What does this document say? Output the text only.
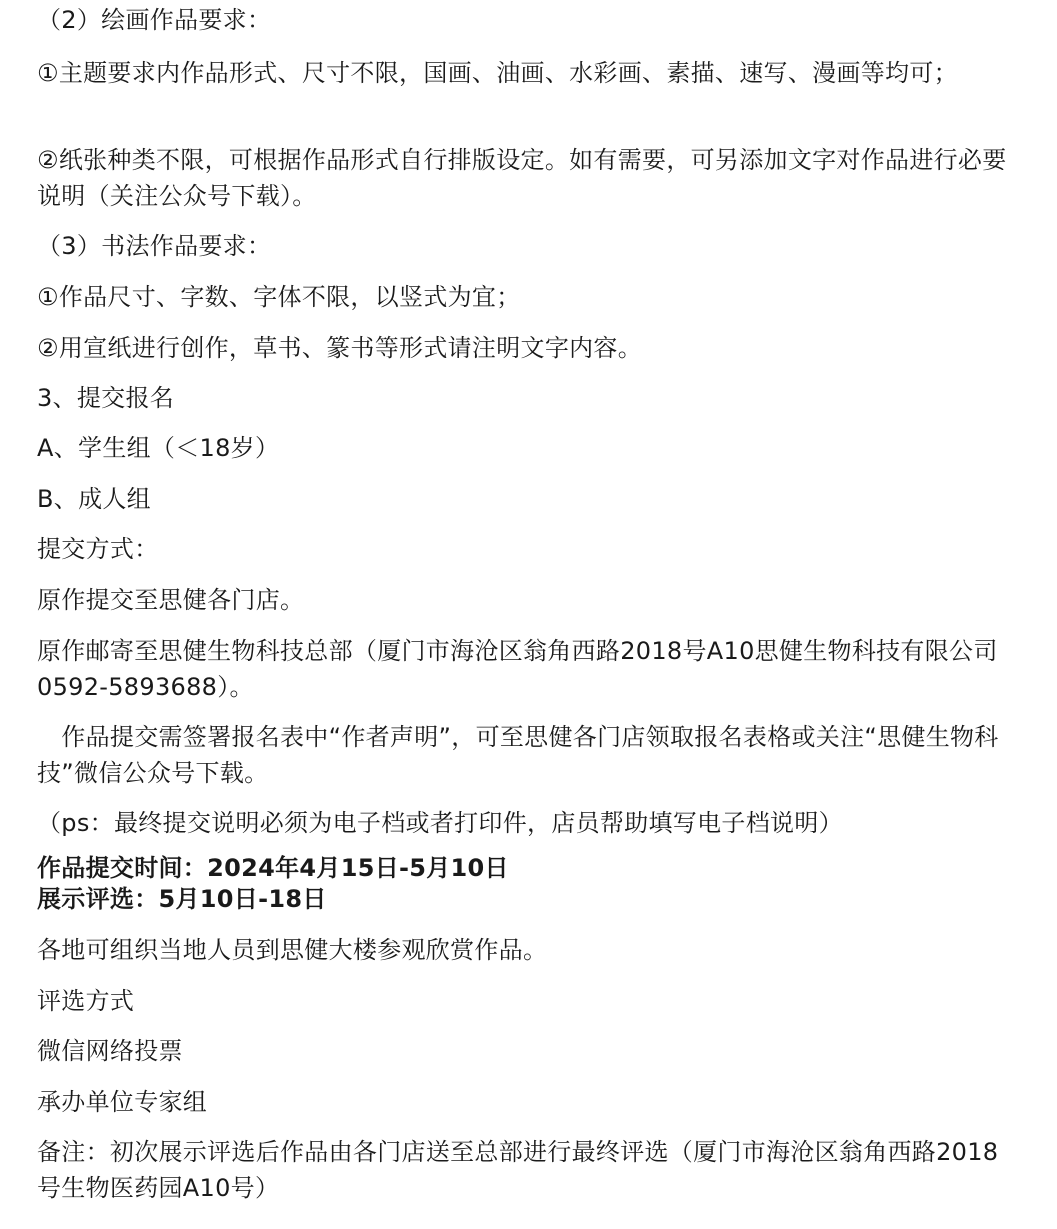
（2）绘画作品要求：
①主题要求内作品形式、尺寸不限，国画、油画、水彩画、素描、速写、漫画等均可；
②纸张种类不限，可根据作品形式自行排版设定。如有需要，可另添加文字对作品进行必要说明（关注公众号下载）。
（3）书法作品要求：
①作品尺寸、字数、字体不限，以竖式为宜；
②用宣纸进行创作，草书、篆书等形式请注明文字内容。
3、提交报名
A、学生组（＜18岁）
B、成人组
提交方式：
原作提交至思健各门店。
原作邮寄至思健生物科技总部（厦门市海沧区翁角西路2018号A10思健生物科技有限公司 0592-5893688）。
　作品提交需签署报名表中“作者声明”，可至思健各门店领取报名表格或关注“思健生物科技”微信公众号下载。
（ps：最终提交说明必须为电子档或者打印件，店员帮助填写电子档说明）
作品提交时间：2024年4月15日-5月10日
展示评选：5月10日-18日
各地可组织当地人员到思健大楼参观欣赏作品。
评选方式
微信网络投票
承办单位专家组
备注：初次展示评选后作品由各门店送至总部进行最终评选（厦门市海沧区翁角西路2018号生物医药园A10号）
